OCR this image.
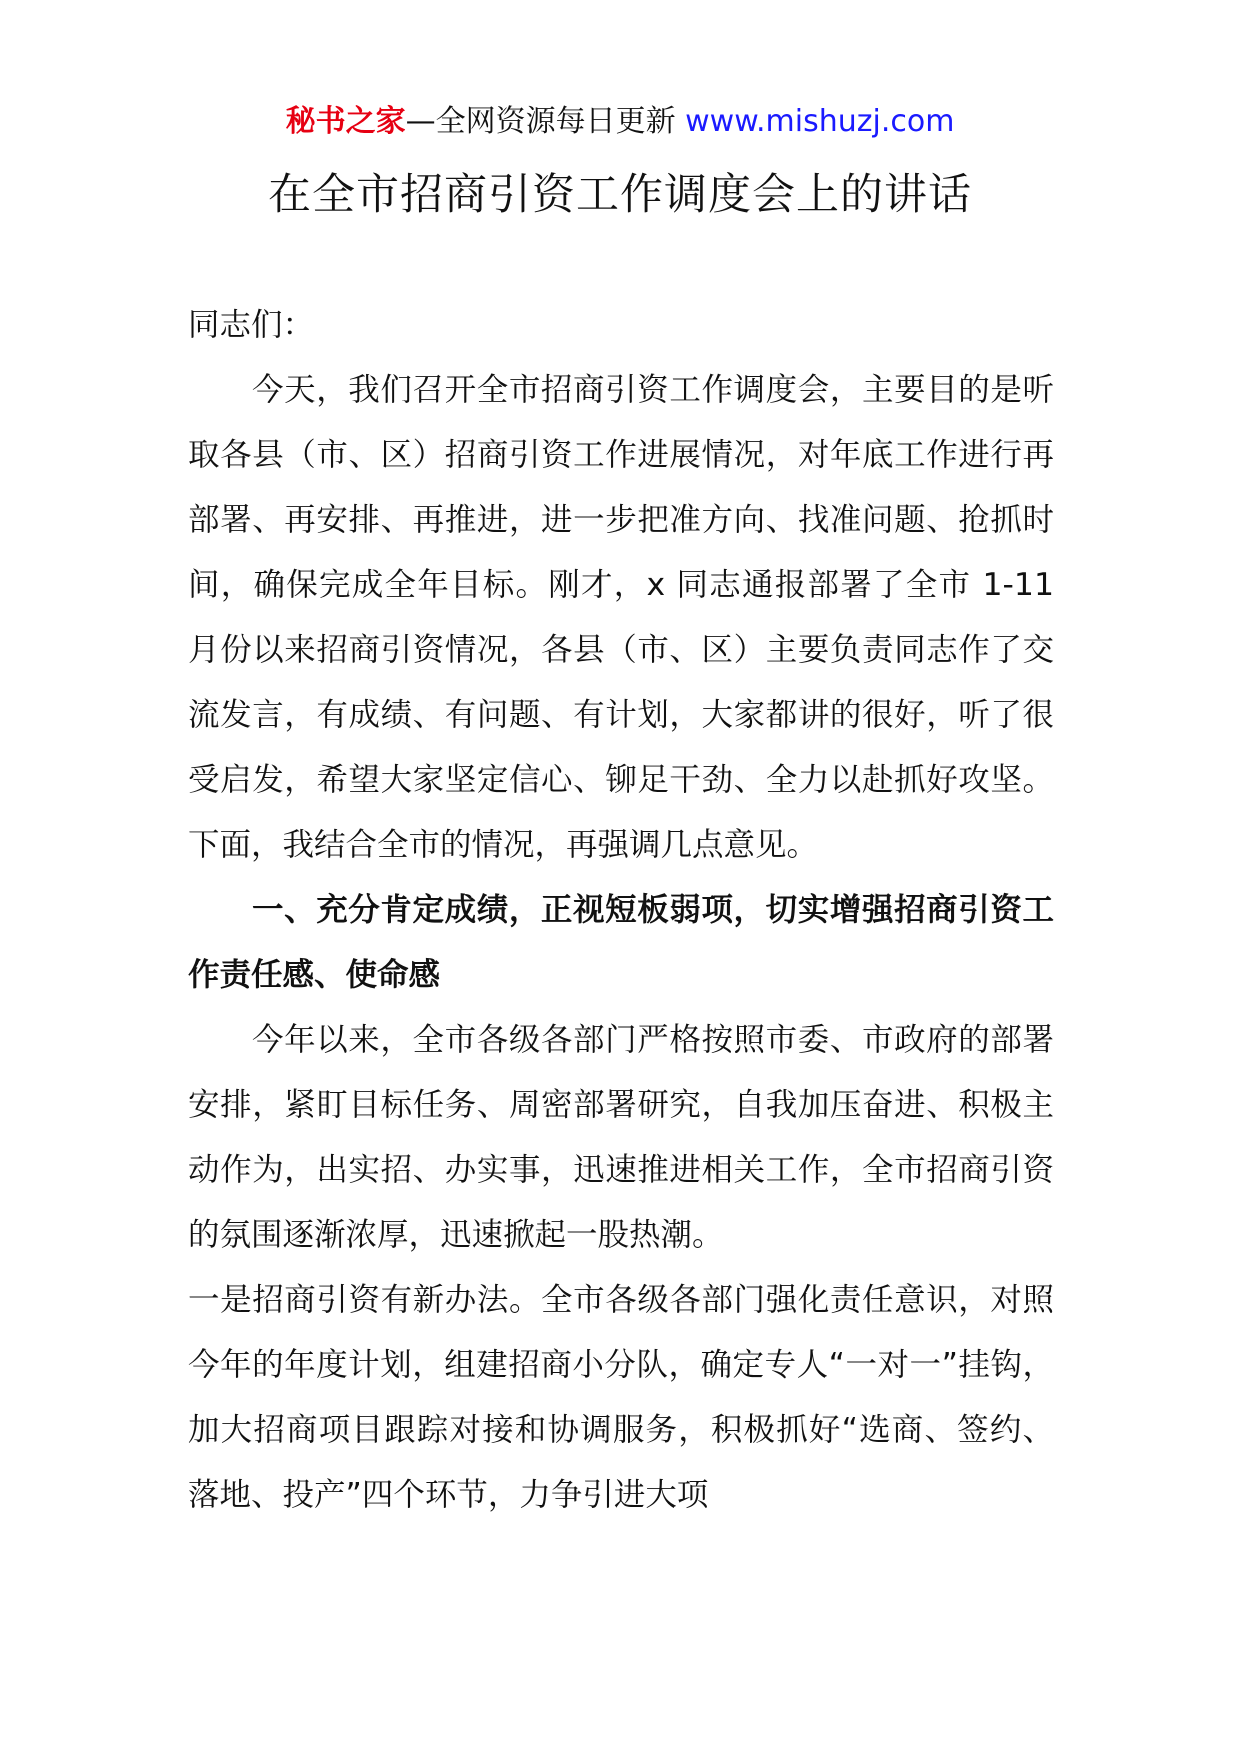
秘书之家—全网资源每日更新 www.mishuzj.com
在全市招商引资工作调度会上的讲话

同志们：

今天，我们召开全市招商引资工作调度会，主要目的是听取各县（市、区）招商引资工作进展情况，对年底工作进行再部署、再安排、再推进，进一步把准方向、找准问题、抢抓时间，确保完成全年目标。刚才，x 同志通报部署了全市 1-11 月份以来招商引资情况，各县（市、区）主要负责同志作了交流发言，有成绩、有问题、有计划，大家都讲的很好，听了很受启发，希望大家坚定信心、铆足干劲、全力以赴抓好攻坚。下面，我结合全市的情况，再强调几点意见。

一、充分肯定成绩，正视短板弱项，切实增强招商引资工作责任感、使命感

今年以来，全市各级各部门严格按照市委、市政府的部署安排，紧盯目标任务、周密部署研究，自我加压奋进、积极主动作为，出实招、办实事，迅速推进相关工作，全市招商引资的氛围逐渐浓厚，迅速掀起一股热潮。

一是招商引资有新办法。全市各级各部门强化责任意识，对照今年的年度计划，组建招商小分队，确定专人“一对一”挂钩，加大招商项目跟踪对接和协调服务，积极抓好“选商、签约、落地、投产”四个环节，力争引进大项
